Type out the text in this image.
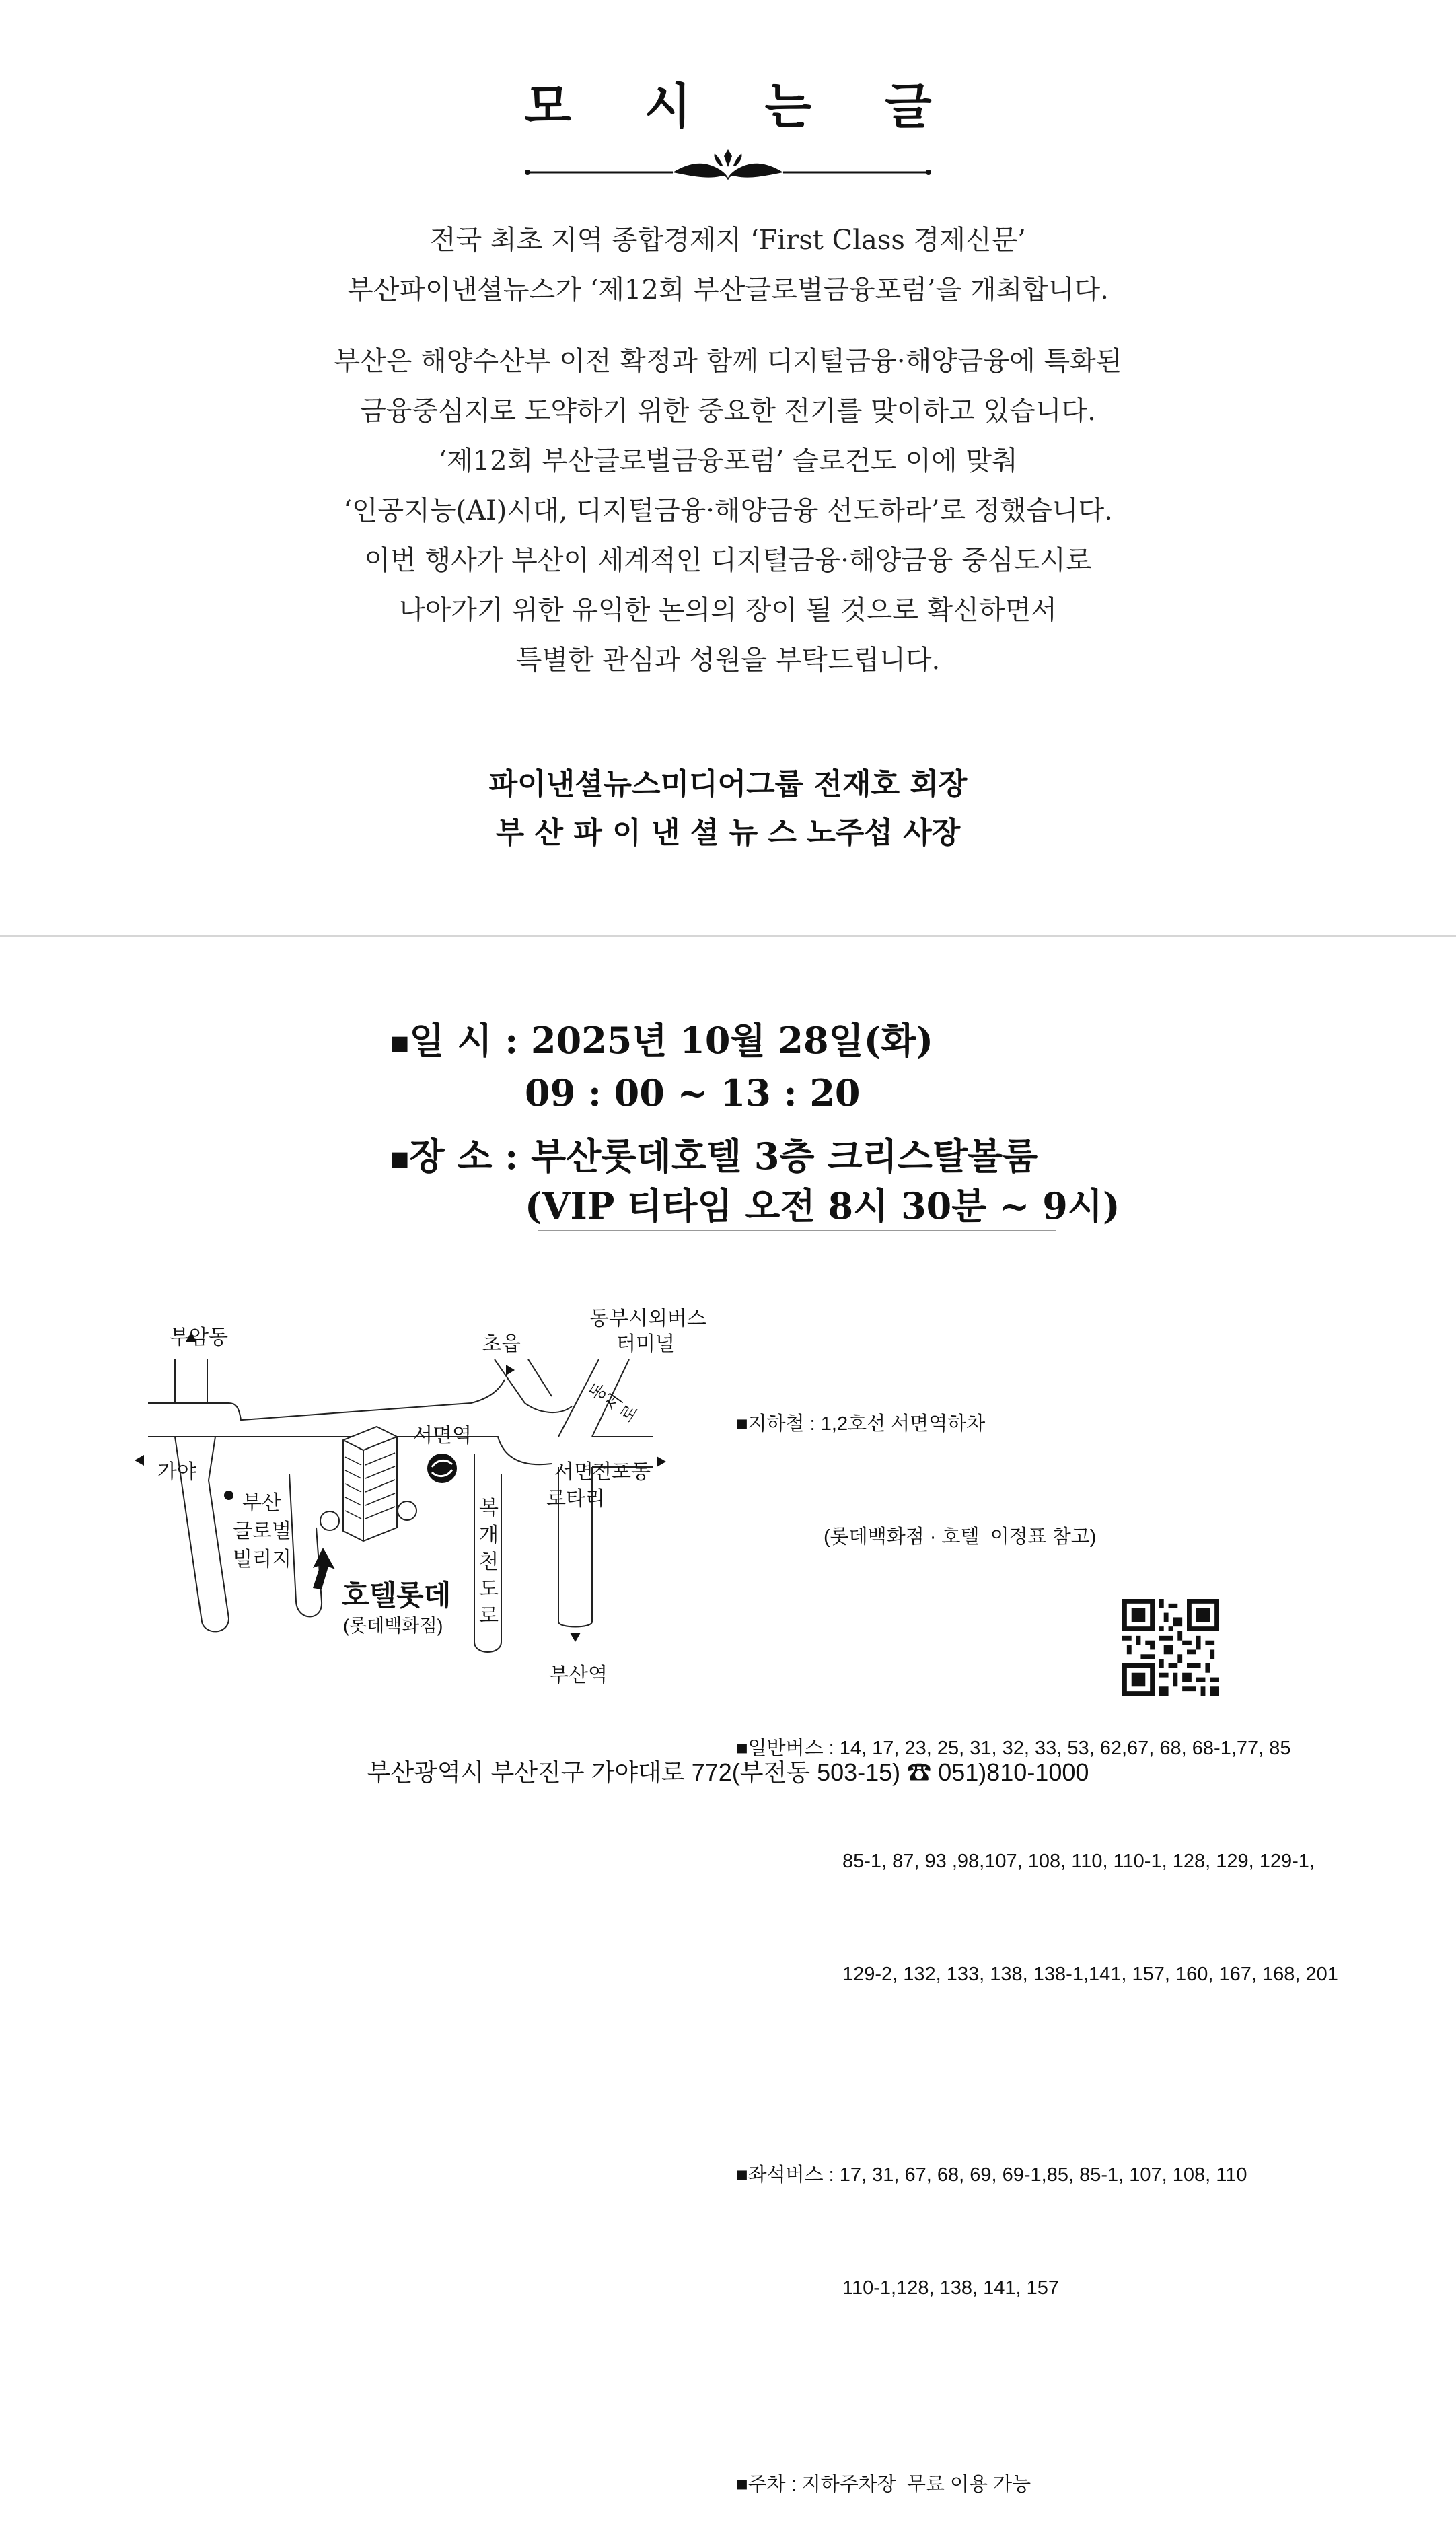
모 시 는 글
전국 최초 지역 종합경제지 ‘First Class 경제신문’
부산파이낸셜뉴스가 ‘제12회 부산글로벌금융포럼’을 개최합니다.
부산은 해양수산부 이전 확정과 함께 디지털금융·해양금융에 특화된
금융중심지로 도약하기 위한 중요한 전기를 맞이하고 있습니다.
‘제12회 부산글로벌금융포럼’ 슬로건도 이에 맞춰
‘인공지능(AI)시대, 디지털금융·해양금융 선도하라’로 정했습니다.
이번 행사가 부산이 세계적인 디지털금융·해양금융 중심도시로
나아가기 위한 유익한 논의의 장이 될 것으로 확신하면서
특별한 관심과 성원을 부탁드립니다.
파이낸셜뉴스미디어그룹 전재호 회장
부 산 파 이 낸 셜 뉴 스 노주섭 사장
■일 시 : 2025년 10월 28일(화)
09 : 00 ~ 13 : 20
■장 소 : 부산롯데호텔 3층 크리스탈볼룸
(VIP 티타임 오전 8시 30분 ~ 9시)
부암동
가야
부산
글로벌
빌리지
호텔롯데
(롯데백화점)
서면역
초읍
동부시외버스
터미널
동 서 로
서면
로타리
전포동
복 개 천 도 로
부산역

■지하철 : 1,2호선 서면역하차

(롯데백화점 · 호텔  이정표 참고)

■일반버스 : 14, 17, 23, 25, 31, 32, 33, 53, 62,67, 68, 68-1,77, 85

85-1, 87, 93 ,98,107, 108, 110, 110-1, 128, 129, 129-1,

129-2, 132, 133, 138, 138-1,141, 157, 160, 167, 168, 201

■좌석버스 : 17, 31, 67, 68, 69, 69-1,85, 85-1, 107, 108, 110

110-1,128, 138, 141, 157

■주차 : 지하주차장  무료 이용 가능

부산광역시 부산진구 가야대로 772(부전동 503-15) ☎ 051)810-1000
